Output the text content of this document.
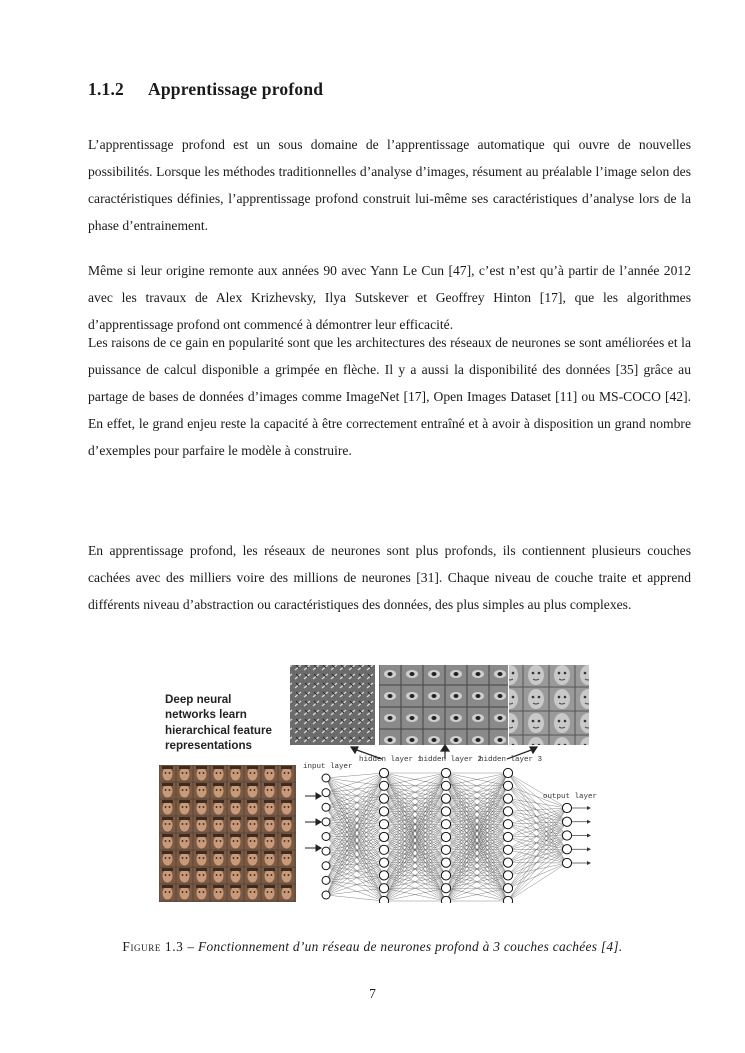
1.1.2 Apprentissage profond

L’apprentissage profond est un sous domaine de l’apprentissage automatique qui ouvre de nouvelles possibilités. Lorsque les méthodes traditionnelles d’analyse d’images, résument au préalable l’image selon des caractéristiques définies, l’apprentissage profond construit lui-même ses caractéristiques d’analyse lors de la phase d’entrainement.

Même si leur origine remonte aux années 90 avec Yann Le Cun [47], c’est n’est qu’à partir de l’année 2012 avec les travaux de Alex Krizhevsky, Ilya Sutskever et Geoffrey Hinton [17], que les algorithmes d’apprentissage profond ont commencé à démontrer leur efficacité.

Les raisons de ce gain en popularité sont que les architectures des réseaux de neurones se sont améliorées et la puissance de calcul disponible a grimpée en flèche. Il y a aussi la disponibilité des données [35] grâce au partage de bases de données d’images comme ImageNet [17], Open Images Dataset [11] ou MS-COCO [42]. En effet, le grand enjeu reste la capacité à être correctement entraîné et à avoir à disposition un grand nombre d’exemples pour parfaire le modèle à construire.

En apprentissage profond, les réseaux de neurones sont plus profonds, ils contiennent plusieurs couches cachées avec des milliers voire des millions de neurones [31]. Chaque niveau de couche traite et apprend différents niveau d’abstraction ou caractéristiques des données, des plus simples au plus complexes.

Deep neural
networks learn
hierarchical feature
representations
input layer
hidden layer 1
hidden layer 2
hidden layer 3
output layer
Figure 1.3 – Fonctionnement d’un réseau de neurones profond à 3 couches cachées [4].
7
